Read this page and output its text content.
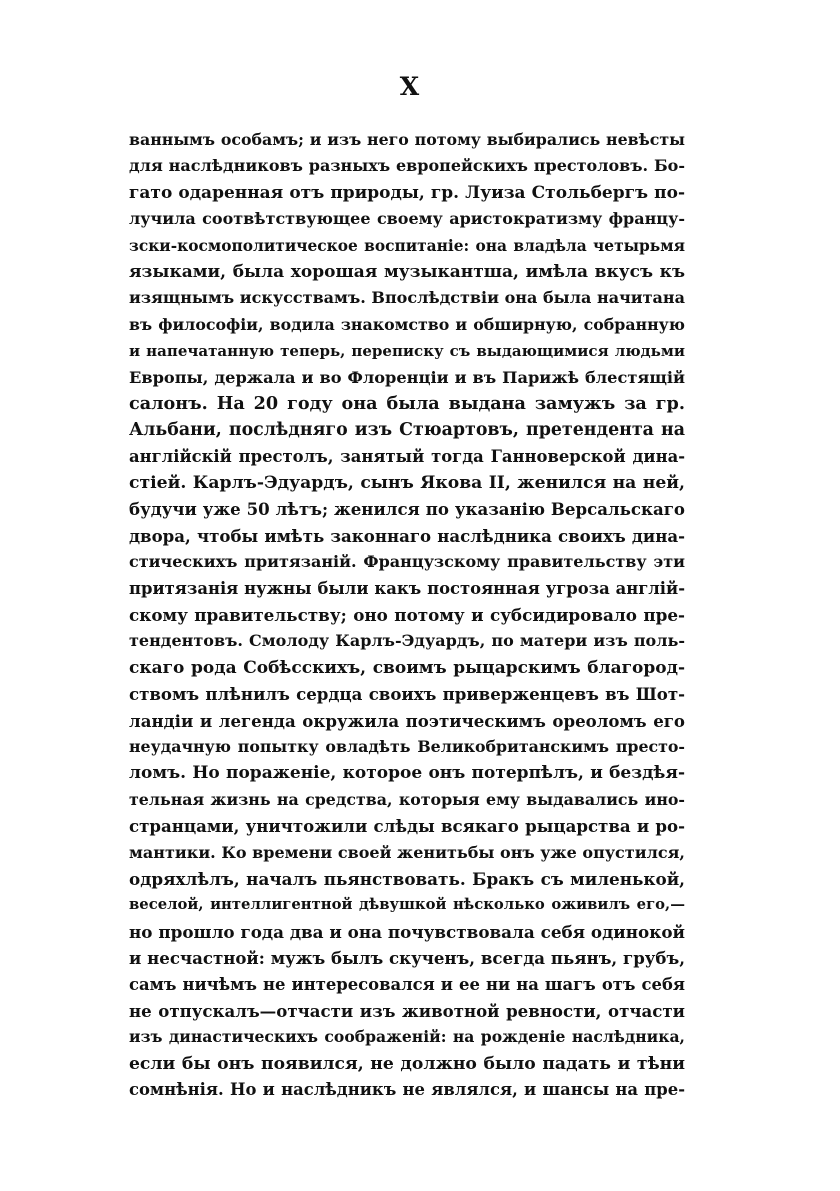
X
ваннымъ особамъ; и изъ него потому выбирались невѣсты
для наслѣдниковъ разныхъ европейскихъ престоловъ. Бо-
гато одаренная отъ природы, гр. Луиза Стольбергъ по-
лучила соотвѣтствующее своему аристократизму францу-
зски-космополитическое воспитаніе: она владѣла четырьмя
языками, была хорошая музыкантша, имѣла вкусъ къ
изящнымъ искусствамъ. Впослѣдствіи она была начитана
въ философіи, водила знакомство и обширную, собранную
и напечатанную теперь, переписку съ выдающимися людьми
Европы, держала и во Флоренціи и въ Парижѣ блестящій
салонъ. На 20 году она была выдана замужъ за гр.
Альбани, послѣдняго изъ Стюартовъ, претендента на
англійскій престолъ, занятый тогда Ганноверской дина-
стіей. Карлъ-Эдуардъ, сынъ Якова II, женился на ней,
будучи уже 50 лѣтъ; женился по указанію Версальскаго
двора, чтобы имѣть законнаго наслѣдника своихъ дина-
стическихъ притязаній. Французскому правительству эти
притязанія нужны были какъ постоянная угроза англій-
скому правительству; оно потому и субсидировало пре-
тендентовъ. Смолоду Карлъ-Эдуардъ, по матери изъ поль-
скаго рода Собѣсскихъ, своимъ рыцарскимъ благород-
ствомъ плѣнилъ сердца своихъ приверженцевъ въ Шот-
ландіи и легенда окружила поэтическимъ ореоломъ его
неудачную попытку овладѣть Великобританскимъ престо-
ломъ. Но пораженіе, которое онъ потерпѣлъ, и бездѣя-
тельная жизнь на средства, которыя ему выдавались ино-
странцами, уничтожили слѣды всякаго рыцарства и ро-
мантики. Ко времени своей женитьбы онъ уже опустился,
одряхлѣлъ, началъ пьянствовать. Бракъ съ миленькой,
веселой, интеллигентной дѣвушкой нѣсколько оживилъ его,—
но прошло года два и она почувствовала себя одинокой
и несчастной: мужъ былъ скученъ, всегда пьянъ, грубъ,
самъ ничѣмъ не интересовался и ее ни на шагъ отъ себя
не отпускалъ—отчасти изъ животной ревности, отчасти
изъ династическихъ соображеній: на рожденіе наслѣдника,
если бы онъ появился, не должно было падать и тѣни
сомнѣнія. Но и наслѣдникъ не являлся, и шансы на пре-
